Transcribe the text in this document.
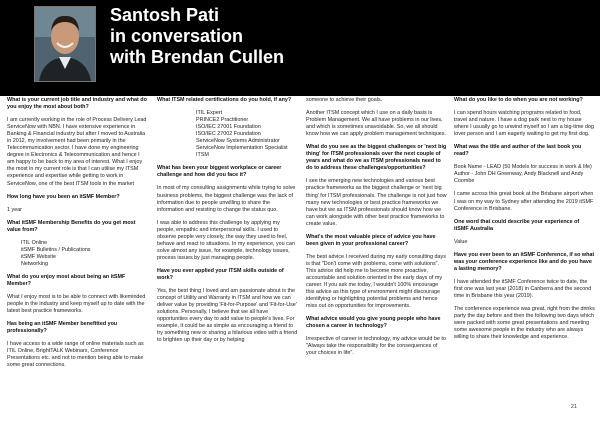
Santosh Pati
in conversation
with Brendan Cullen

What is your current job title and industry and what do you enjoy the most about both?

I am currently working in the role of Process Delivery Lead ServiceNow with NBN. I have extensive experience in Banking & Financial industry but after I moved to Australia in 2012, my involvement had been primarily in the Telecommunication sector. I have done my engineering degree in Electronics & Telecommunication and hence I am happy to be back to my area of interest. What I enjoy the most in my current role is that I can utilise my ITSM experience and expertise while getting to work in ServiceNow, one of the best ITSM tools in the market

How long have you been an itSMF Member?

1 year

What itSMF Membership Benefits do you get most value from?

ITIL Online
itSMF Bulletins / Publications
itSMF Website
Networking

What do you enjoy most about being an itSMF Member?

What I enjoy most is to be able to connect with likeminded people in the industry and keep myself up to date with the latest best practice frameworks.

Has being an itSMF Member benefitted you professionally?

I have access to a wide range of online materials such as ITIL Online, BrightTALK Webinars, Conference Presentations etc. and not to mention being able to make some great connections.

What ITSM related certifications do you hold, if any?

ITIL Expert
PRINCE2 Practitioner
ISO/IEC 27001 Foundation
ISO/IEC 27002 Foundation
ServiceNow Systems Administrator
ServiceNow Implementation Specialist ITSM

What has been your biggest workplace or career challenge and how did you face it?

In most of my consulting assignments while trying to solve business problems, the biggest challenge was the lack of information due to people unwilling to share the information and resisting to change the status quo.

I was able to address this challenge by applying my people, empathic and interpersonal skills. I used to observe people very closely, the way they used to feel, behave and react to situations. In my experience, you can solve almost any issue, for example, technology issues, process issues by just managing people.

Have you ever applied your ITSM skills outside of work?

Yes, the best thing I loved and am passionate about is the concept of Utility and Warranty in ITSM and how we can deliver value by providing 'Fit-for-Purpose' and 'Fit-for-Use' solutions. Personally, I believe that we all have opportunities every day to add value to people's lives. For example, it could be as simple as encouraging a friend to try something new or sharing a hilarious video with a friend to brighten up their day or by helping

someone to achieve their goals.

Another ITSM concept which I use on a daily basis is Problem Management. We all have problems in our lives, and which is sometimes unavoidable. So, we all should know how we can apply problem management techniques.

What do you see as the biggest challenges or 'next big thing' for ITSM professionals over the next couple of years and what do we as ITSM professionals need to do to address these challenges/opportunities?

I see the emerging new technologies and various best practice frameworks as the biggest challenge or 'next big thing' for ITSM professionals. The challenge is not just how many new technologies or best practice frameworks we have but we as ITSM professionals should know how we can work alongside with other best practice frameworks to create value.

What's the most valuable piece of advice you have been given in your professional career?

The best advice I received during my early consulting days is that "Don't come with problems, come with solutions". This advice did help me to become more proactive, accountable and solution oriented in the early days of my career. If you ask me today, I wouldn't 100% encourage this advice as this type of environment might discourage identifying or highlighting potential problems and hence miss out on opportunities for improvements.

What advice would you give young people who have chosen a career in technology?

Irrespective of career in technology, my advice would be to "Always take the responsibility for the consequences of your choices in life".

What do you like to do when you are not working?

I can spend hours watching programs related to food, travel and nature. I have a dog park next to my house where I usually go to unwind myself so I am a big-time dog lover person and I am eagerly waiting to get my first dog.

What was the title and author of the last book you read?

Book Name - LEAD (50 Models for success in work & life) Author - John DH Greenway, Andy Blacknell and Andy Coombe

I came across this great book at the Brisbane airport when I was on my way to Sydney after attending the 2019 itSMF Conference in Brisbane.

One word that could describe your experience of itSMF Australia

Value

Have you ever been to an itSMF Conference, if so what was your conference experience like and do you have a lasting memory?

I have attended the itSMF Conference twice to date, the first one was last year (2018) in Canberra and the second time in Brisbane this year (2019).

The conference experience was great, right from the drinks party the day before and then the following two days which were packed with some great presentations and meeting some awesome people in the industry who are always willing to share their knowledge and experience.

21
